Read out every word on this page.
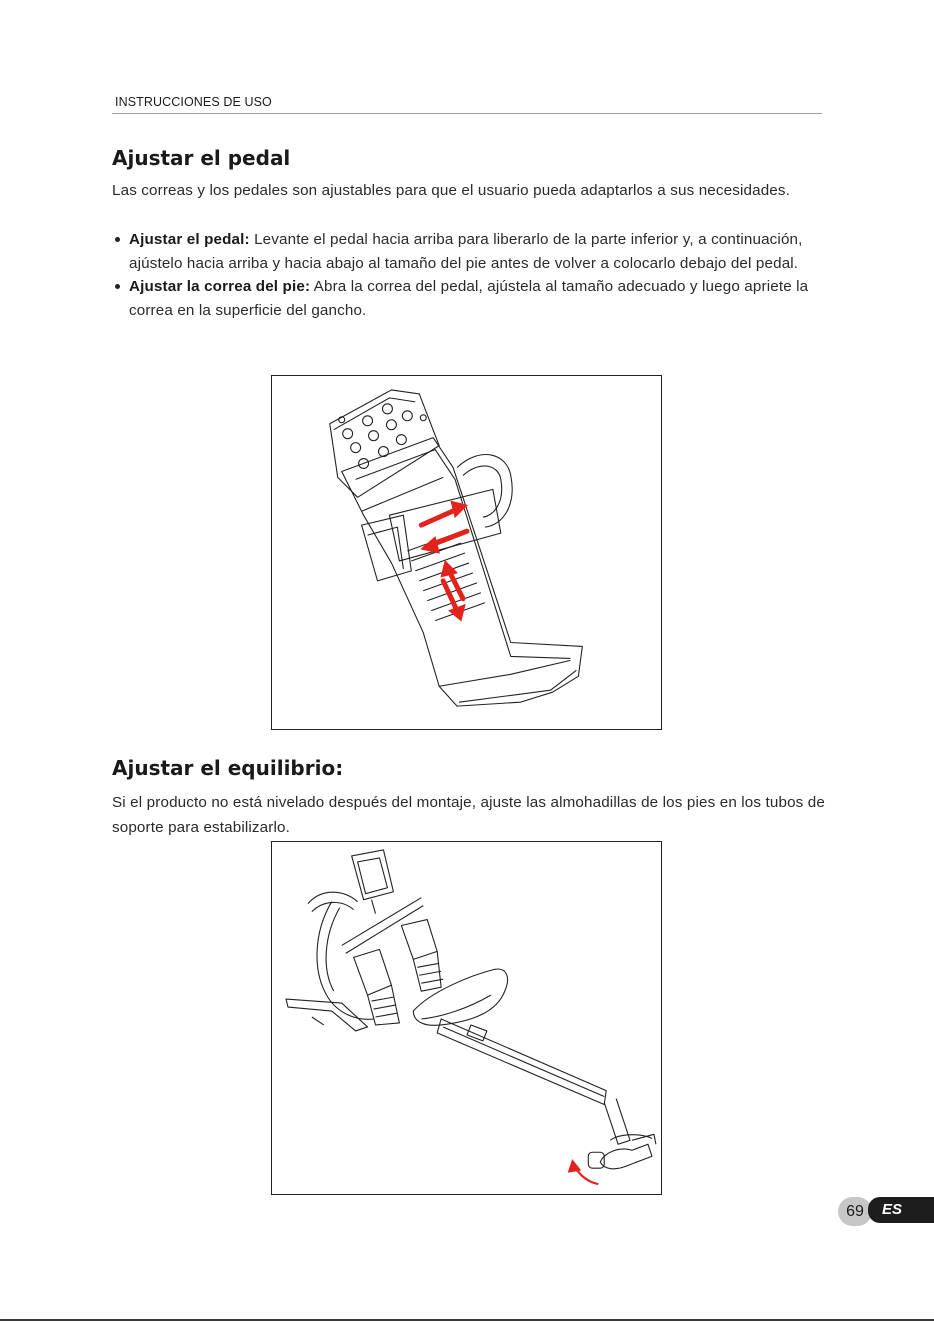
INSTRUCCIONES DE USO
Ajustar el pedal

Las correas y los pedales son ajustables para que el usuario pueda adaptarlos a sus necesidades.

Ajustar el pedal: Levante el pedal hacia arriba para liberarlo de la parte inferior y, a continuación, ajústelo hacia arriba y hacia abajo al tamaño del pie antes de volver a colocarlo debajo del pedal.
Ajustar la correa del pie: Abra la correa del pedal, ajústela al tamaño adecuado y luego apriete la correa en la superficie del gancho.
Ajustar el equilibrio:

Si el producto no está nivelado después del montaje, ajuste las almohadillas de los pies en los tubos de soporte para estabilizarlo.

69	ES
